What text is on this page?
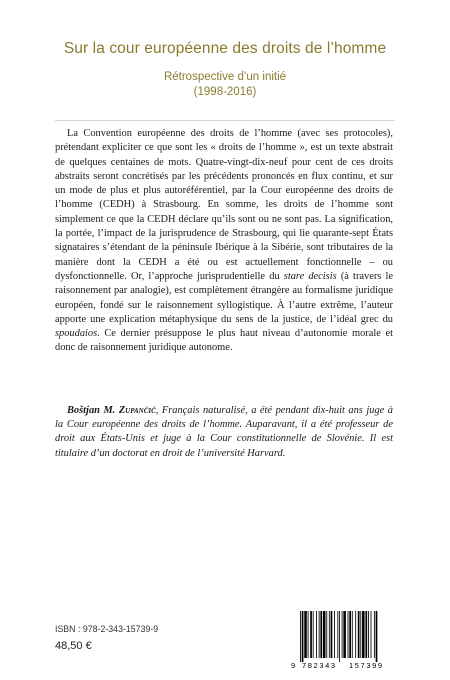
Sur la cour européenne des droits de l’homme
Rétrospective d’un initié
(1998-2016)

La Convention européenne des droits de l’homme (avec ses protocoles), prétendant expliciter ce que sont les « droits de l’homme », est un texte abstrait de quelques centaines de mots. Quatre-vingt-dix-neuf pour cent de ces droits abstraits seront concrétisés par les précédents prononcés en flux continu, et sur un mode de plus et plus autoréférentiel, par la Cour européenne des droits de l’homme (CEDH) à Strasbourg. En somme, les droits de l’homme sont simplement ce que la CEDH déclare qu’ils sont ou ne sont pas. La signification, la portée, l’impact de la jurisprudence de Strasbourg, qui lie quarante-sept États signataires s’étendant de la péninsule Ibérique à la Sibérie, sont tributaires de la manière dont la CEDH a été ou est actuellement fonctionnelle – ou dysfonctionnelle. Or, l’approche jurisprudentielle du stare decisis (à travers le raisonnement par analogie), est complètement étrangère au formalisme juridique européen, fondé sur le raisonnement syllogistique. À l’autre extrême, l’auteur apporte une explication métaphysique du sens de la justice, de l’idéal grec du spoudaios. Ce dernier présuppose le plus haut niveau d’autonomie morale et donc de raisonnement juridique autonome.

Boštjan M. Zupančič, Français naturalisé, a été pendant dix-huit ans juge à la Cour européenne des droits de l’homme. Auparavant, il a été professeur de droit aux États-Unis et juge à la Cour constitutionnelle de Slovénie. Il est titulaire d’un doctorat en droit de l’université Harvard.

ISBN : 978-2-343-15739-9
48,50 €
9 782343 157399
